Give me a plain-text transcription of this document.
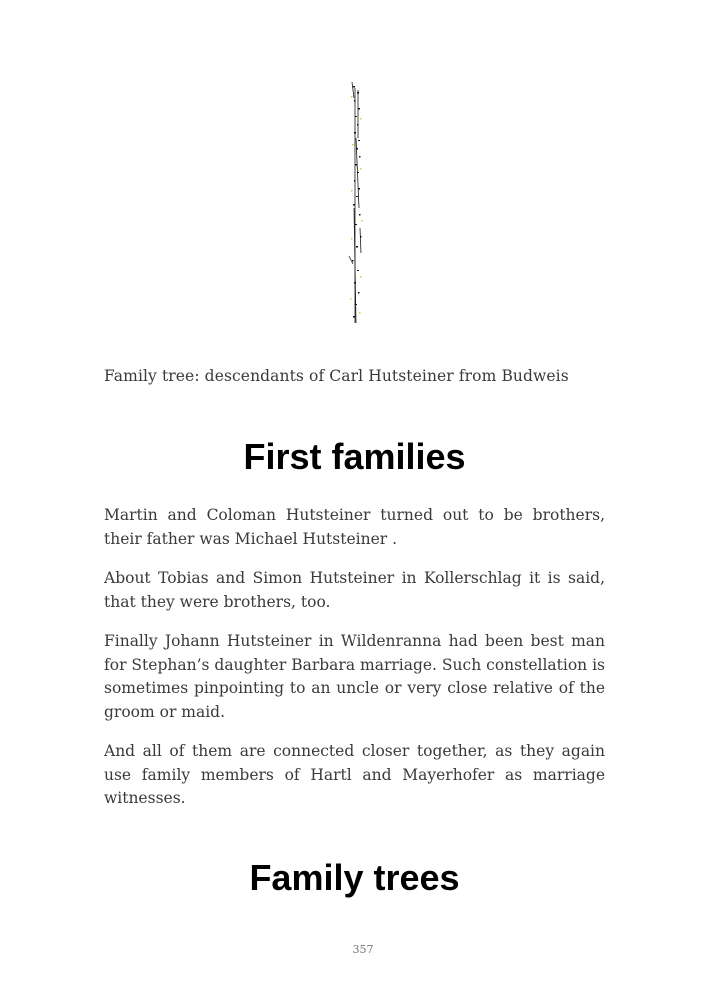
Family tree: descendants of Carl Hutsteiner from Budweis
First families

Martin and Coloman Hutsteiner turned out to be brothers, their father was Michael Hutsteiner .

About Tobias and Simon Hutsteiner in Kollerschlag it is said, that they were brothers, too.

Finally Johann Hutsteiner in Wildenranna had been best man for Stephan’s daughter Barbara marriage. Such constellation is sometimes pinpointing to an uncle or very close relative of the groom or maid.

And all of them are connected closer together, as they again use family members of Hartl and Mayerhofer as marriage witnesses.

Family trees
357
